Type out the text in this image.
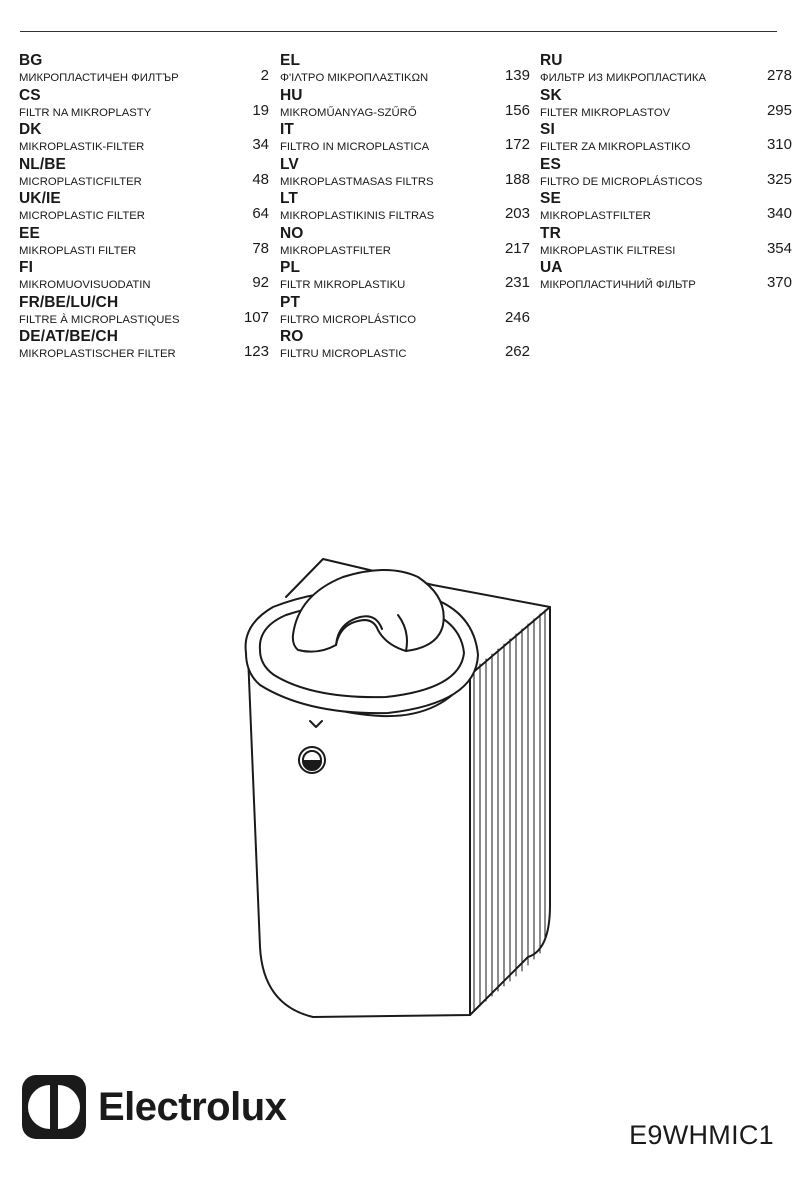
BG
МИКРОПЛАСТИЧЕН ФИЛТЪР	2
CS
FILTR NA MIKROPLASTY	19
DK
MIKROPLASTIK-FILTER	34
NL/BE
MICROPLASTICFILTER	48
UK/IE
MICROPLASTIC FILTER	64
EE
MIKROPLASTI FILTER	78
FI
MIKROMUOVISUODATIN	92
FR/BE/LU/CH
FILTRE À MICROPLASTIQUES	107
DE/AT/BE/CH
MIKROPLASTISCHER FILTER	123
EL
Φ'ΙΛΤΡΟ ΜΙΚΡΟΠΛΑΣΤΙΚΩΝ	139
HU
MIKROMŰANYAG-SZŰRŐ	156
IT
FILTRO IN MICROPLASTICA	172
LV
MIKROPLASTMASAS FILTRS	188
LT
MIKROPLASTIKINIS FILTRAS	203
NO
MIKROPLASTFILTER	217
PL
FILTR MIKROPLASTIKU	231
PT
FILTRO MICROPLÁSTICO	246
RO
FILTRU MICROPLASTIC	262
RU
ФИЛЬТР ИЗ МИКРОПЛАСТИКА	278
SK
FILTER MIKROPLASTOV	295
SI
FILTER ZA MIKROPLASTIKO	310
ES
FILTRO DE MICROPLÁSTICOS	325
SE
MIKROPLASTFILTER	340
TR
MIKROPLASTIK FILTRESI	354
UA
МІКРОПЛАСТИЧНИЙ ФІЛЬТР	370
Electrolux
E9WHMIC1
